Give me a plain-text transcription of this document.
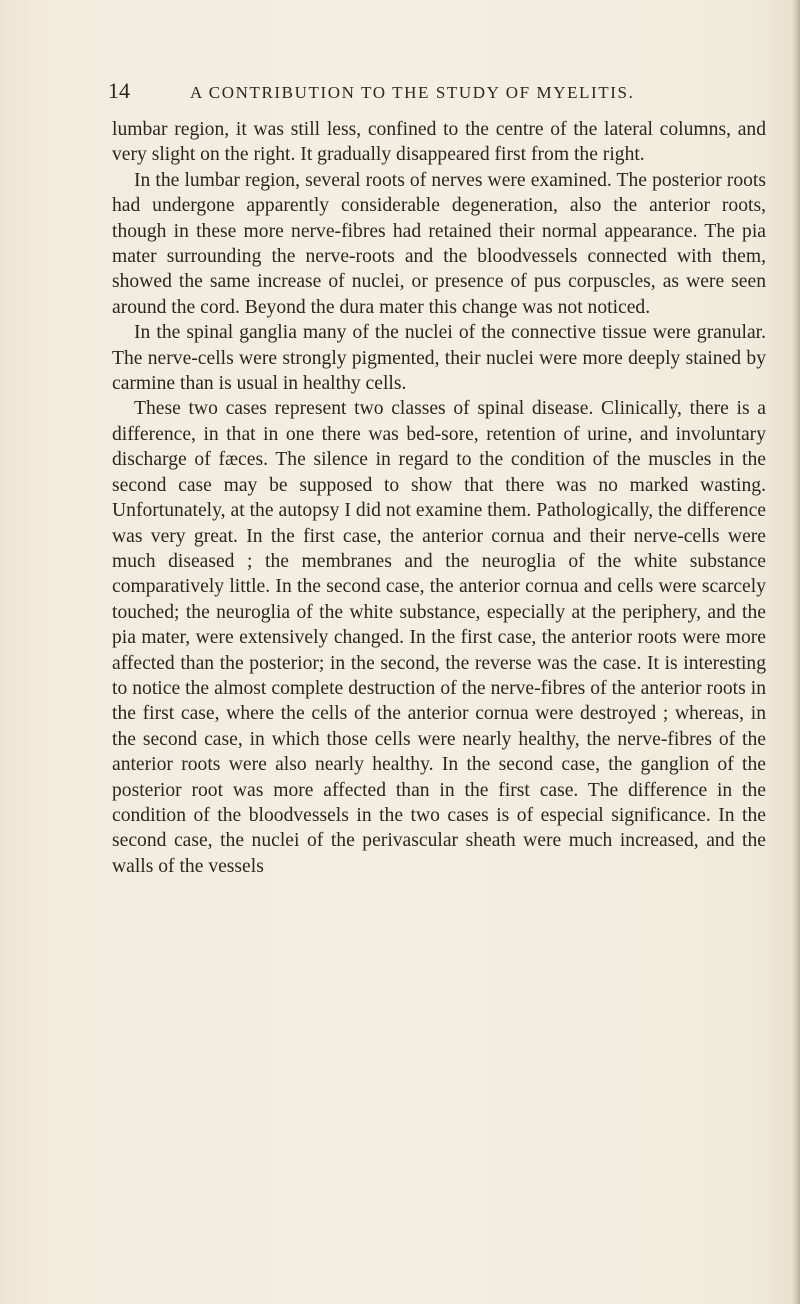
14	A CONTRIBUTION TO THE STUDY OF MYELITIS.

lumbar region, it was still less, confined to the centre of the lateral columns, and very slight on the right. It gradually disappeared first from the right.

In the lumbar region, several roots of nerves were examined. The posterior roots had undergone apparently considerable degeneration, also the anterior roots, though in these more nerve-fibres had retained their normal appearance. The pia mater surrounding the nerve-roots and the bloodvessels connected with them, showed the same increase of nuclei, or presence of pus corpuscles, as were seen around the cord. Beyond the dura mater this change was not noticed.

In the spinal ganglia many of the nuclei of the connective tissue were granular. The nerve-cells were strongly pigmented, their nuclei were more deeply stained by carmine than is usual in healthy cells.

These two cases represent two classes of spinal disease. Clinically, there is a difference, in that in one there was bed-sore, retention of urine, and involuntary discharge of fæces. The silence in regard to the condition of the muscles in the second case may be supposed to show that there was no marked wasting. Unfortunately, at the autopsy I did not examine them. Pathologically, the difference was very great. In the first case, the anterior cornua and their nerve-cells were much diseased ; the membranes and the neuroglia of the white substance comparatively little. In the second case, the anterior cornua and cells were scarcely touched; the neuroglia of the white substance, especially at the periphery, and the pia mater, were extensively changed. In the first case, the anterior roots were more affected than the posterior; in the second, the reverse was the case. It is interesting to notice the almost complete destruction of the nerve-fibres of the anterior roots in the first case, where the cells of the anterior cornua were destroyed ; whereas, in the second case, in which those cells were nearly healthy, the nerve-fibres of the anterior roots were also nearly healthy. In the second case, the ganglion of the posterior root was more affected than in the first case. The difference in the condition of the bloodvessels in the two cases is of especial significance. In the second case, the nuclei of the perivascular sheath were much increased, and the walls of the vessels
